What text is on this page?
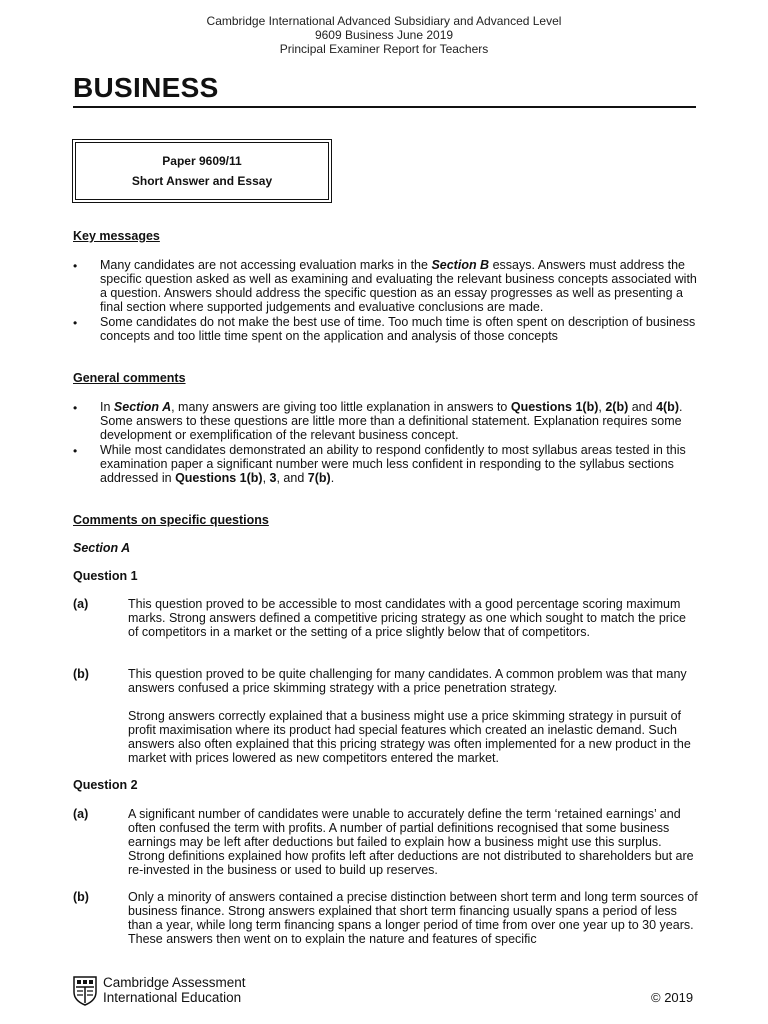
Cambridge International Advanced Subsidiary and Advanced Level
9609 Business June 2019
Principal Examiner Report for Teachers
BUSINESS
Paper 9609/11
Short Answer and Essay
Key messages
• Many candidates are not accessing evaluation marks in the Section B essays. Answers must address the specific question asked as well as examining and evaluating the relevant business concepts associated with a question. Answers should address the specific question as an essay progresses as well as presenting a final section where supported judgements and evaluative conclusions are made.
• Some candidates do not make the best use of time. Too much time is often spent on description of business concepts and too little time spent on the application and analysis of those concepts
General comments
• In Section A, many answers are giving too little explanation in answers to Questions 1(b), 2(b) and 4(b). Some answers to these questions are little more than a definitional statement. Explanation requires some development or exemplification of the relevant business concept.
• While most candidates demonstrated an ability to respond confidently to most syllabus areas tested in this examination paper a significant number were much less confident in responding to the syllabus sections addressed in Questions 1(b), 3, and 7(b).
Comments on specific questions
Section A
Question 1
(a)	This question proved to be accessible to most candidates with a good percentage scoring maximum marks. Strong answers defined a competitive pricing strategy as one which sought to match the price of competitors in a market or the setting of a price slightly below that of competitors.
(b)	This question proved to be quite challenging for many candidates. A common problem was that many answers confused a price skimming strategy with a price penetration strategy.
Strong answers correctly explained that a business might use a price skimming strategy in pursuit of profit maximisation where its product had special features which created an inelastic demand. Such answers also often explained that this pricing strategy was often implemented for a new product in the market with prices lowered as new competitors entered the market.
Question 2
(a)	A significant number of candidates were unable to accurately define the term ‘retained earnings’ and often confused the term with profits. A number of partial definitions recognised that some business earnings may be left after deductions but failed to explain how a business might use this surplus. Strong definitions explained how profits left after deductions are not distributed to shareholders but are re-invested in the business or used to build up reserves.
(b)	Only a minority of answers contained a precise distinction between short term and long term sources of business finance. Strong answers explained that short term financing usually spans a period of less than a year, while long term financing spans a longer period of time from over one year up to 30 years. These answers then went on to explain the nature and features of specific
Cambridge Assessment
International Education	© 2019
